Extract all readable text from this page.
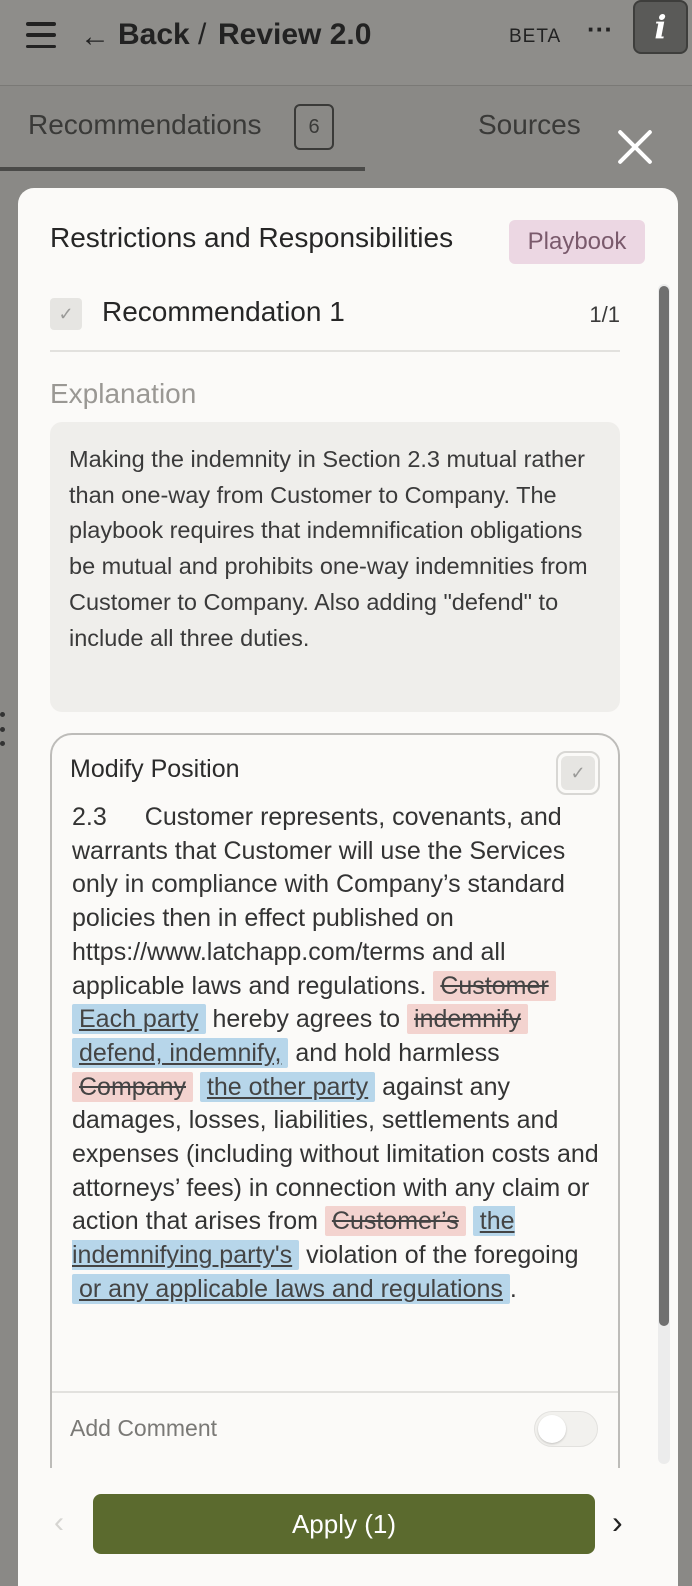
← Back / Review 2.0	BETA ···	i
Recommendations	6	Sources
Restrictions and Responsibilities	Playbook
✓	Recommendation 1	1/1
Explanation
Making the indemnity in Section 2.3 mutual rather than one-way from Customer to Company. The playbook requires that indemnification obligations be mutual and prohibits one-way indemnities from Customer to Company. Also adding "defend" to include all three duties.
Modify Position	✓
2.3 Customer represents, covenants, and warrants that Customer will use the Services only in compliance with Company’s standard policies then in effect published on https://www.latchapp.com/terms and all applicable laws and regulations. Customer Each party hereby agrees to indemnify defend, indemnify, and hold harmless Company the other party against any damages, losses, liabilities, settlements and expenses (including without limitation costs and attorneys’ fees) in connection with any claim or action that arises from Customer’s the indemnifying party's violation of the foregoing or any applicable laws and regulations .
Add Comment
‹	Apply (1)	›
